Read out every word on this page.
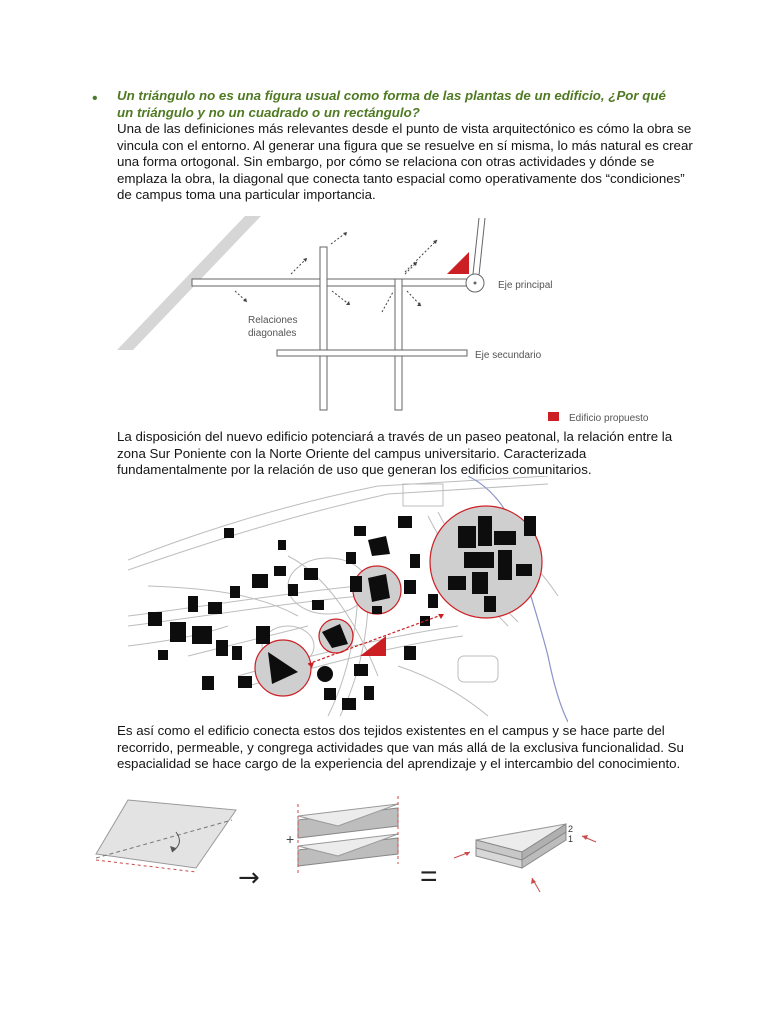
• Un triángulo no es una figura usual como forma de las plantas de un edificio, ¿Por qué un triángulo y no un cuadrado o un rectángulo?
Una de las definiciones más relevantes desde el punto de vista arquitectónico es cómo la obra se vincula con el entorno. Al generar una figura que se resuelve en sí misma, lo más natural es crear una forma ortogonal. Sin embargo, por cómo se relaciona con otras actividades y dónde se emplaza la obra, la diagonal que conecta tanto espacial como operativamente dos “condiciones” de campus toma una particular importancia.
Eje principal
Eje secundario
Relaciones
diagonales
Edificio propuesto
La disposición del nuevo edificio potenciará a través de un paseo peatonal, la relación entre la zona Sur Poniente con la Norte Oriente del campus universitario. Caracterizada fundamentalmente por la relación de uso que generan los edificios comunitarios.
Es así como el edificio conecta estos dos tejidos existentes en el campus y se hace parte del recorrido, permeable, y congrega actividades que van más allá de la exclusiva funcionalidad. Su espacialidad se hace cargo de la experiencia del aprendizaje y el intercambio del conocimiento.
→
+
=
2
1
